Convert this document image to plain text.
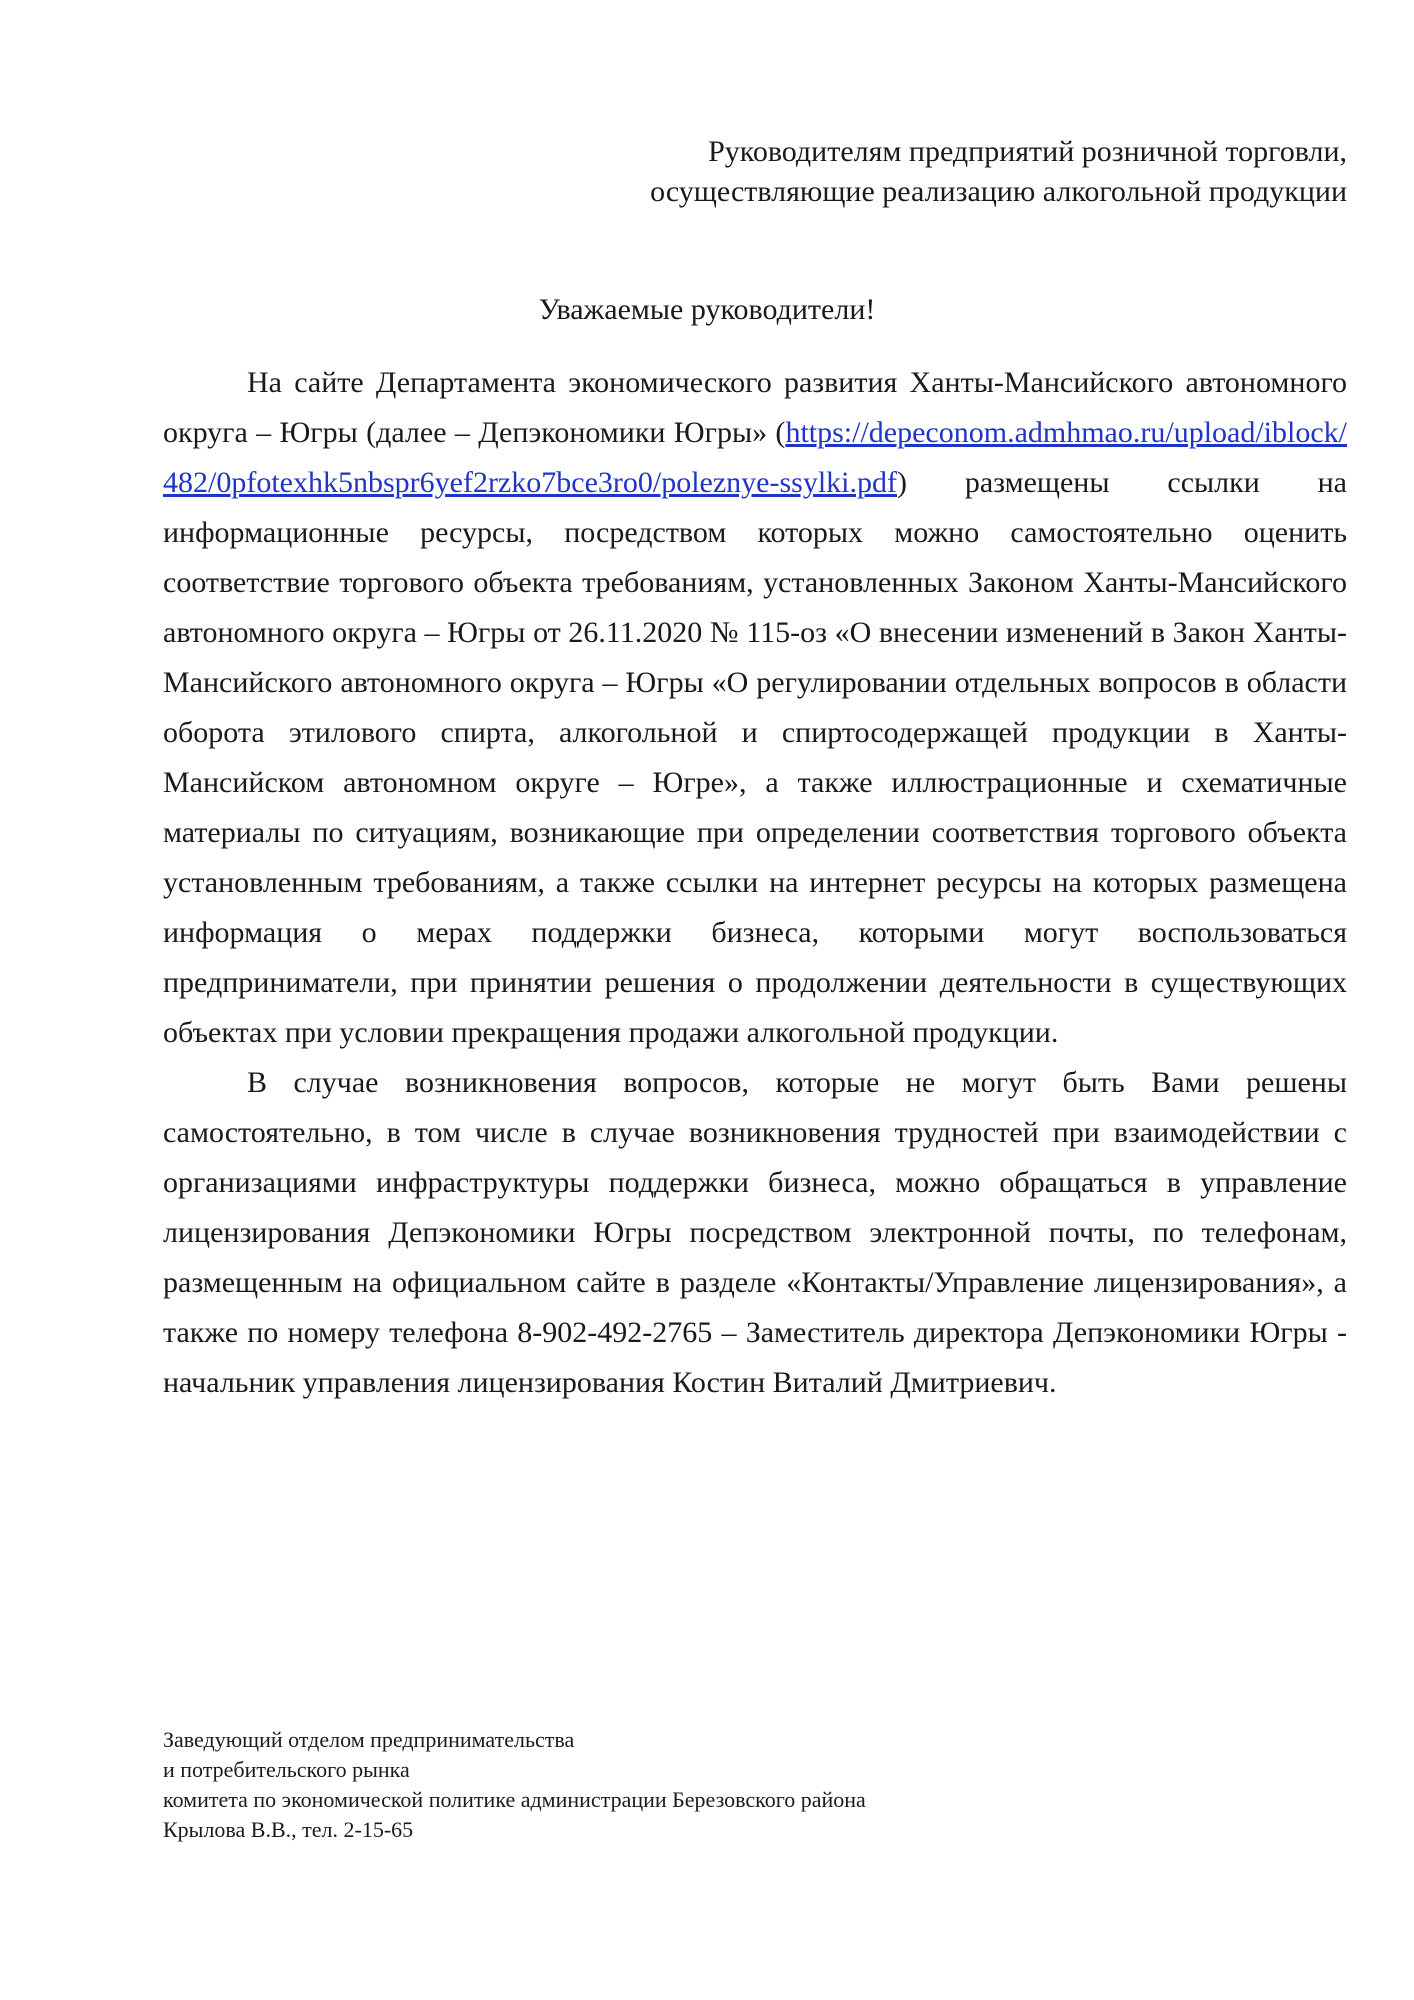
Руководителям предприятий розничной торговли,
осуществляющие реализацию алкогольной продукции
Уважаемые руководители!

На сайте Департамента экономического развития Ханты-Мансийского автономного округа – Югры (далее – Депэкономики Югры» (https://depeconom.admhmao.ru/upload/iblock/482/0pfotexhk5nbspr6yef2rzko7bce3ro0/poleznye-ssylki.pdf) размещены ссылки на информационные ресурсы, посредством которых можно самостоятельно оценить соответствие торгового объекта требованиям, установленных Законом Ханты-Мансийского автономного округа – Югры от 26.11.2020 № 115-оз «О внесении изменений в Закон Ханты-Мансийского автономного округа – Югры «О регулировании отдельных вопросов в области оборота этилового спирта, алкогольной и спиртосодержащей продукции в Ханты-Мансийском автономном округе – Югре», а также иллюстрационные и схематичные материалы по ситуациям, возникающие при определении соответствия торгового объекта установленным требованиям, а также ссылки на интернет ресурсы на которых размещена информация о мерах поддержки бизнеса, которыми могут воспользоваться предприниматели, при принятии решения о продолжении деятельности в существующих объектах при условии прекращения продажи алкогольной продукции.

В случае возникновения вопросов, которые не могут быть Вами решены самостоятельно, в том числе в случае возникновения трудностей при взаимодействии с организациями инфраструктуры поддержки бизнеса, можно обращаться в управление лицензирования Депэкономики Югры посредством электронной почты, по телефонам, размещенным на официальном сайте в разделе «Контакты/Управление лицензирования», а также по номеру телефона 8-902-492-2765 – Заместитель директора Депэкономики Югры - начальник управления лицензирования Костин Виталий Дмитриевич.

Заведующий отделом предпринимательства
и потребительского рынка
комитета по экономической политике администрации Березовского района
Крылова В.В., тел. 2-15-65
